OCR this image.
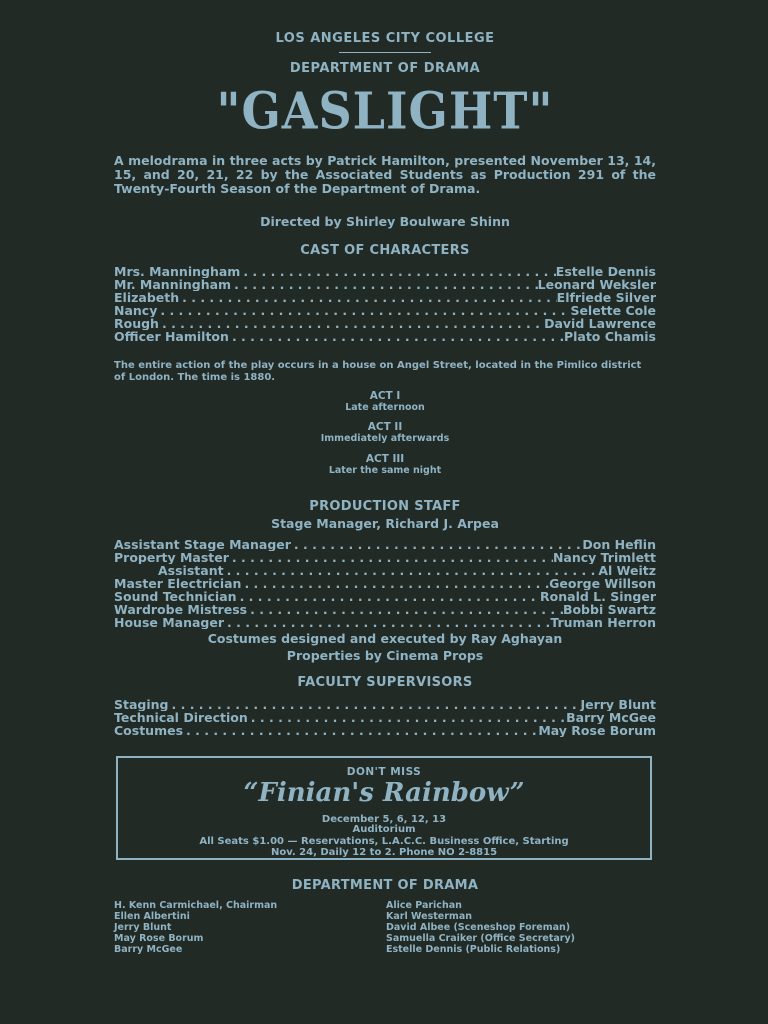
LOS ANGELES CITY COLLEGE
DEPARTMENT OF DRAMA
"GASLIGHT"
A melodrama in three acts by Patrick Hamilton, presented November 13, 14, 15, and 20, 21, 22 by the Associated Students as Production 291 of the Twenty-Fourth Season of the Department of Drama.
Directed by Shirley Boulware Shinn
CAST OF CHARACTERS
Mrs. Manningham . . .	Estelle Dennis
Mr. Manningham . . .	Leonard Weksler
Elizabeth . . .	Elfriede Silver
Nancy . . .	Selette Cole
Rough . . .	David Lawrence
Officer Hamilton . . .	Plato Chamis
The entire action of the play occurs in a house on Angel Street, located in the Pimlico district of London. The time is 1880.
ACT I
Late afternoon
ACT II
Immediately afterwards
ACT III
Later the same night
PRODUCTION STAFF
Stage Manager, Richard J. Arpea
Assistant Stage Manager . . .	Don Heflin
Property Master . . .	Nancy Trimlett
Assistant . . .	Al Weitz
Master Electrician . . .	George Willson
Sound Technician . . .	Ronald L. Singer
Wardrobe Mistress . . .	Bobbi Swartz
House Manager . . .	Truman Herron
Costumes designed and executed by Ray Aghayan
Properties by Cinema Props
FACULTY SUPERVISORS
Staging . . .	Jerry Blunt
Technical Direction . . .	Barry McGee
Costumes . . .	May Rose Borum
DON'T MISS
“Finian's Rainbow”
December 5, 6, 12, 13
Auditorium
All Seats $1.00 — Reservations, L.A.C.C. Business Office, Starting
Nov. 24, Daily 12 to 2. Phone NO 2-8815
DEPARTMENT OF DRAMA
H. Kenn Carmichael, Chairman
Ellen Albertini
Jerry Blunt
May Rose Borum
Barry McGee
Alice Parichan
Karl Westerman
David Albee (Sceneshop Foreman)
Samuella Craiker (Office Secretary)
Estelle Dennis (Public Relations)
